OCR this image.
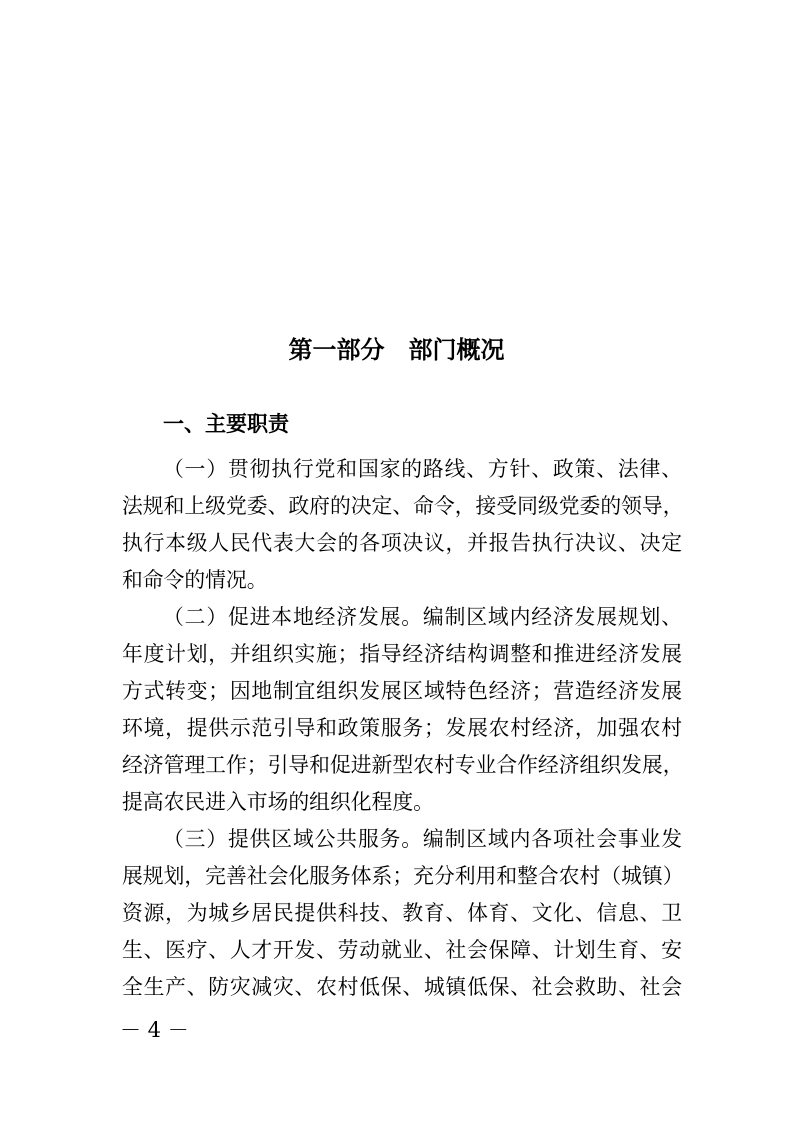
第一部分　部门概况
一、主要职责
（一）贯彻执行党和国家的路线、方针、政策、法律、
法规和上级党委、政府的决定、命令，接受同级党委的领导，
执行本级人民代表大会的各项决议，并报告执行决议、决定
和命令的情况。
（二）促进本地经济发展。编制区域内经济发展规划、
年度计划，并组织实施；指导经济结构调整和推进经济发展
方式转变；因地制宜组织发展区域特色经济；营造经济发展
环境，提供示范引导和政策服务；发展农村经济，加强农村
经济管理工作；引导和促进新型农村专业合作经济组织发展，
提高农民进入市场的组织化程度。
（三）提供区域公共服务。编制区域内各项社会事业发
展规划，完善社会化服务体系；充分利用和整合农村（城镇）
资源，为城乡居民提供科技、教育、体育、文化、信息、卫
生、医疗、人才开发、劳动就业、社会保障、计划生育、安
全生产、防灾减灾、农村低保、城镇低保、社会救助、社会
－ 4 －
